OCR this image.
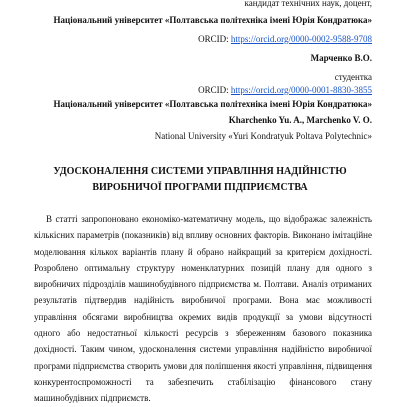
кандидат технічних наук, доцент,
Національний університет «Полтавська політехніка імені Юрія Кондратюка»
ORCID: https://orcid.org/0000-0002-9588-9708
Марченко В.О.
студентка
ORCID: https://orcid.org/0000-0001-8830-3855
Національний університет «Полтавська політехніка імені Юрія Кондратюка»
Kharchenko Yu. A., Marchenko V. O.
National University «Yuri Kondratyuk Poltava Polytechnic»
УДОСКОНАЛЕННЯ СИСТЕМИ УПРАВЛІННЯ НАДІЙНІСТЮ
ВИРОБНИЧОЇ ПРОГРАМИ ПІДПРИЄМСТВА
В статті запропоновано економіко-математичну модель, що відображає залежність кількісних параметрів (показників) від впливу основних факторів. Виконано імітаційне моделювання кількох варіантів плану й обрано найкращий за критерієм дохідності. Розроблено оптимальну структуру номенклатурних позицій плану для одного з виробничих підрозділів машинобудівного підприємства м. Полтави. Аналіз отриманих результатів підтвердив надійність виробничої програми. Вона має можливості управління обсягами виробництва окремих видів продукції за умови відсутності одного або недостатньої кількості ресурсів з збереженням базового показника дохідності. Таким чином, удосконалення системи управління надійністю виробничої програми підприємства створить умови для поліпшення якості управління, підвищення конкурентоспроможності та забезпечить стабілізацію фінансового стану машинобудівних підприємств.
